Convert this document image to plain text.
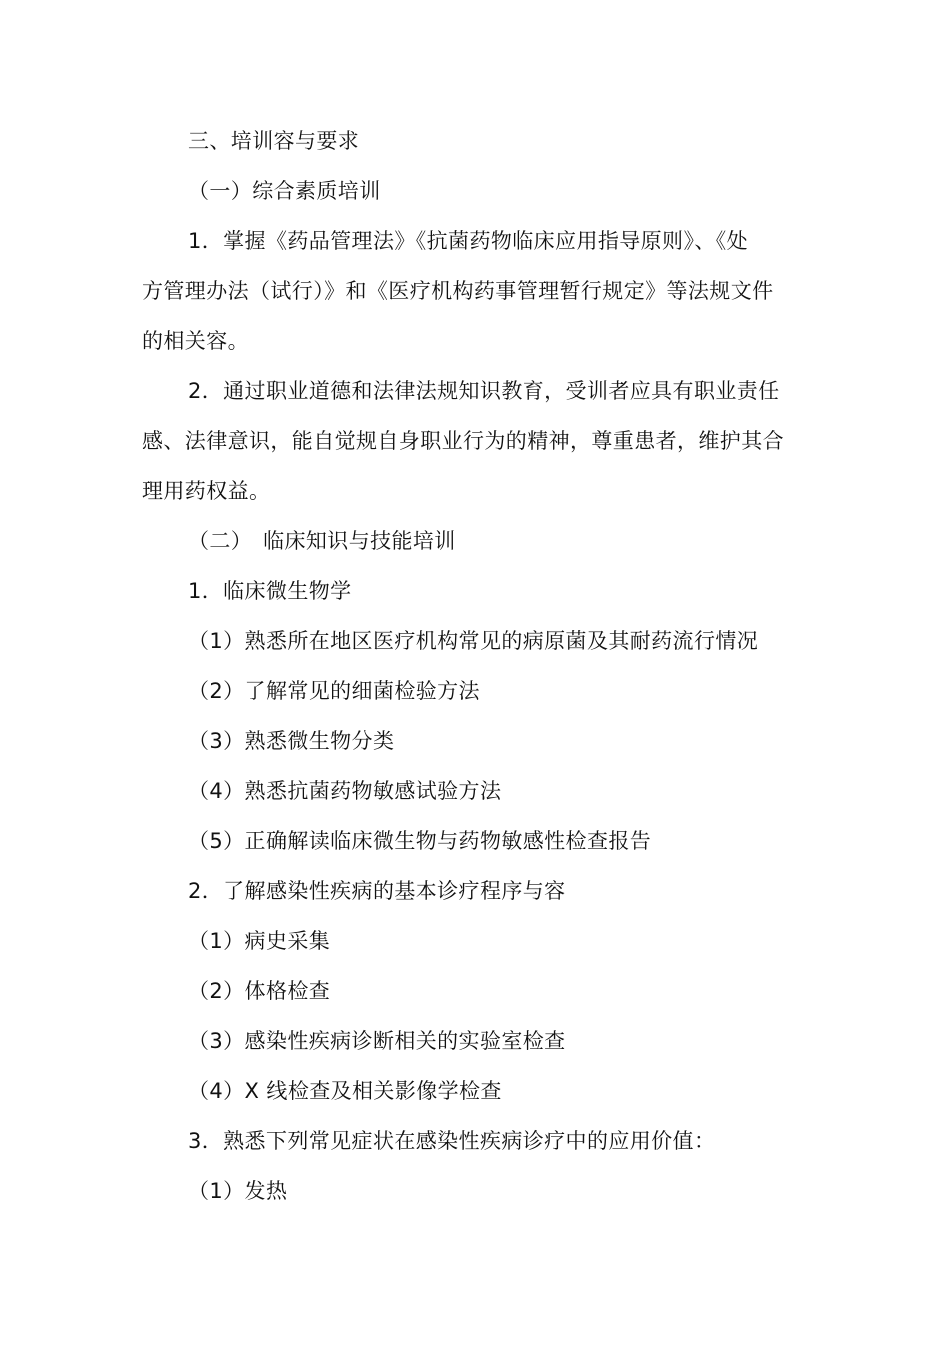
三、培训容与要求
（一）综合素质培训
1．掌握《药品管理法》《抗菌药物临床应用指导原则》、《处
方管理办法（试行）》和《医疗机构药事管理暂行规定》等法规文件
的相关容。
2．通过职业道德和法律法规知识教育，受训者应具有职业责任
感、法律意识，能自觉规自身职业行为的精神，尊重患者，维护其合
理用药权益。
（二）　临床知识与技能培训
1．临床微生物学
（1）熟悉所在地区医疗机构常见的病原菌及其耐药流行情况
（2）了解常见的细菌检验方法
（3）熟悉微生物分类
（4）熟悉抗菌药物敏感试验方法
（5）正确解读临床微生物与药物敏感性检查报告
2．了解感染性疾病的基本诊疗程序与容
（1）病史采集
（2）体格检查
（3）感染性疾病诊断相关的实验室检查
（4）X 线检查及相关影像学检查
3．熟悉下列常见症状在感染性疾病诊疗中的应用价值：
（1）发热
